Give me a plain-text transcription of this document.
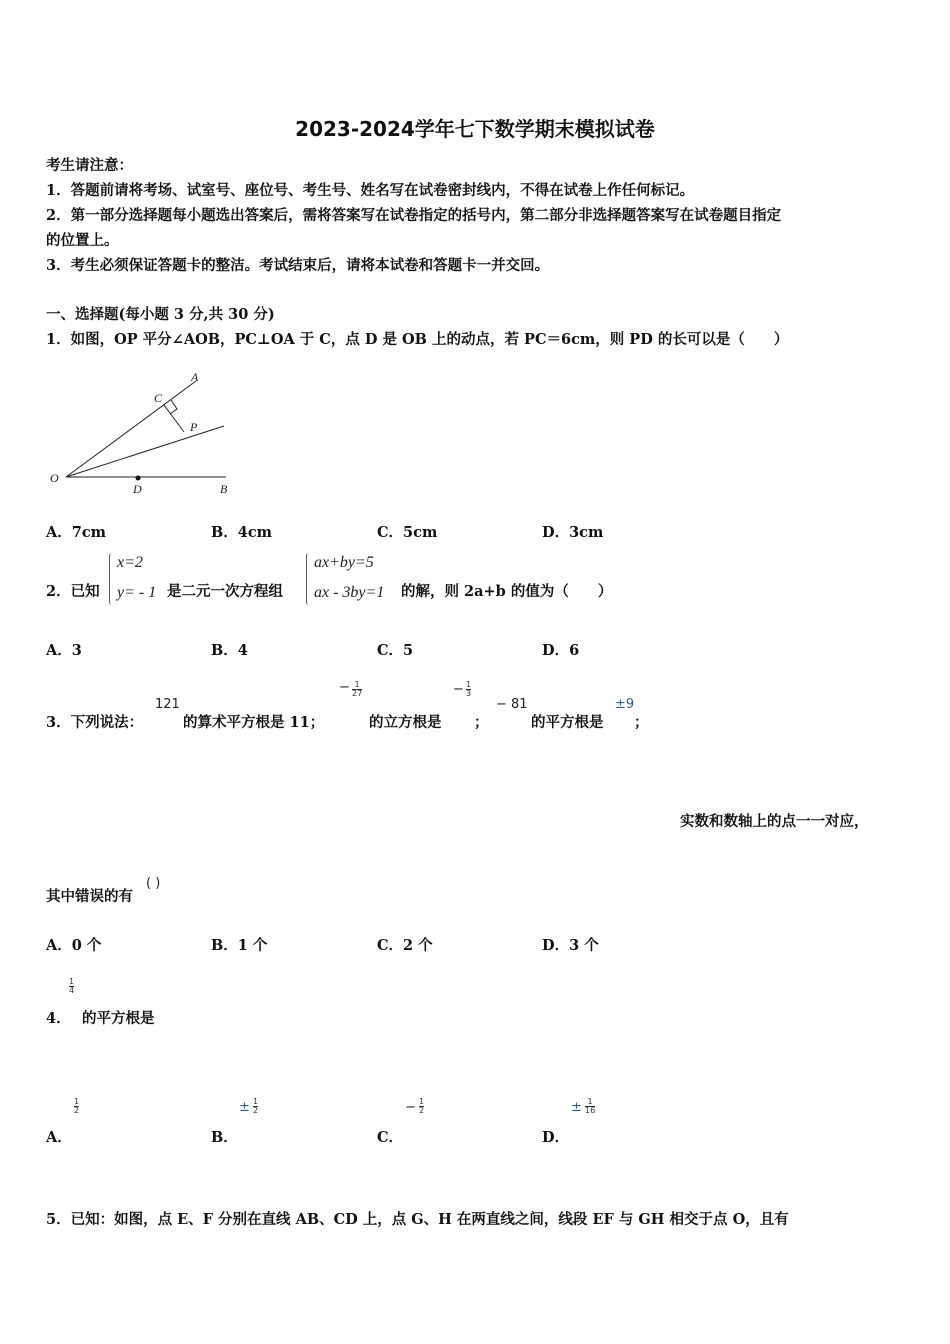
2023-2024学年七下数学期末模拟试卷
考生请注意：
1．答题前请将考场、试室号、座位号、考生号、姓名写在试卷密封线内，不得在试卷上作任何标记。
2．第一部分选择题每小题选出答案后，需将答案写在试卷指定的括号内，第二部分非选择题答案写在试卷题目指定
的位置上。
3．考生必须保证答题卡的整洁。考试结束后，请将本试卷和答题卡一并交回。
一、选择题(每小题 3 分,共 30 分)
1．如图，OP 平分∠AOB，PC⊥OA 于 C，点 D 是 OB 上的动点，若 PC＝6cm，则 PD 的长可以是（　　）
A
C
P
O
D	B
A．7cm	B．4cm	C．5cm	D．3cm
2．已知
x=2
y= - 1 是二元一次方程组
ax+by=5
ax - 3by=1 的解，则 2a+b 的值为（　　）
A．3	B．4	C．5	D．6
3．下列说法：
121
的算术平方根是 11；
− 1
27
的立方根是
− 1
3
；
− 81
的平方根是
±9
；
实数和数轴上的点一一对应，
其中错误的有
( )
A．0 个	B．1 个	C．2 个	D．3 个
1
4
4． 的平方根是
A．
1
2
B．
± 1
2
C．
− 1
2
D．
± 1
16
5．已知：如图，点 E、F 分别在直线 AB、CD 上，点 G、H 在两直线之间，线段 EF 与 GH 相交于点 O，且有
